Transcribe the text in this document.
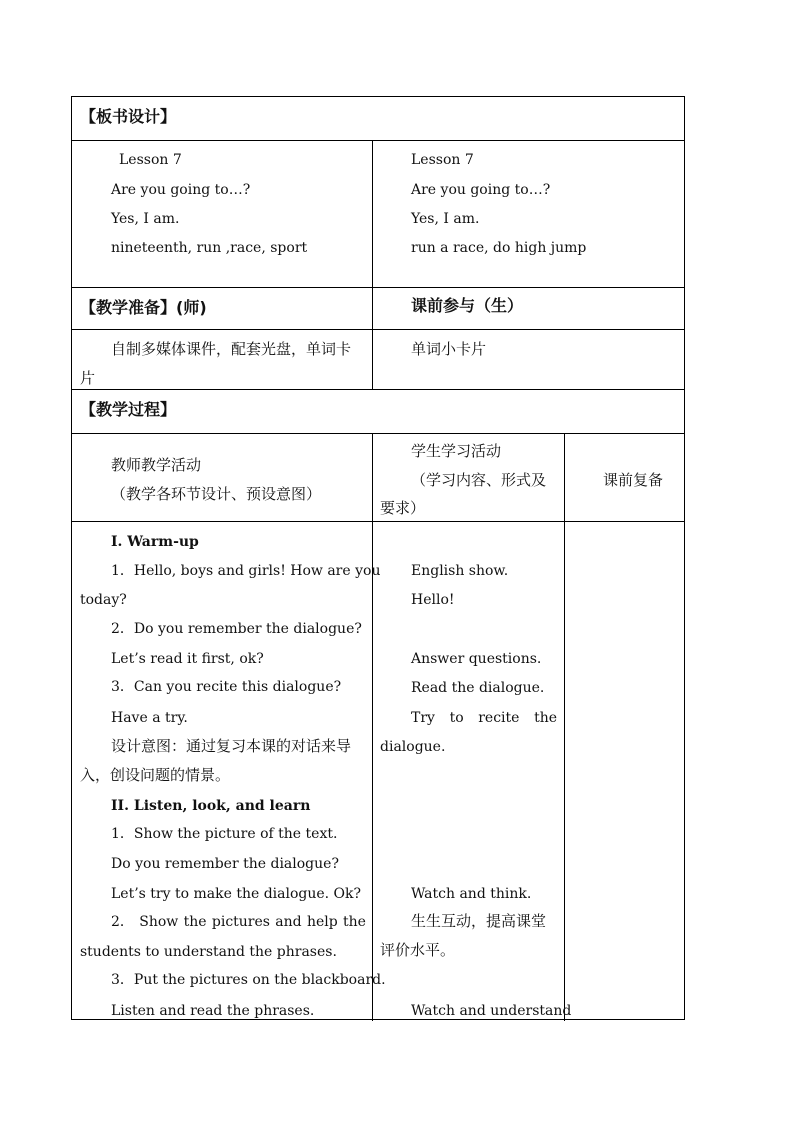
【板书设计】
Lesson 7
Are you going to…?
Yes, I am.
nineteenth, run ,race, sport
Lesson 7
Are you going to…?
Yes, I am.
run a race, do high jump
【教学准备】(师)	课前参与（生）
自制多媒体课件，配套光盘，单词卡
片
单词小卡片
【教学过程】
教师教学活动
（教学各环节设计、预设意图）
学生学习活动
（学习内容、形式及
要求）
课前复备
I. Warm-up
1．Hello, boys and girls! How are you
today?
2．Do you remember the dialogue?
Let’s read it first, ok?
3．Can you recite this dialogue?
Have a try.
设计意图：通过复习本课的对话来导
入，创设问题的情景。
II. Listen, look, and learn
1．Show the picture of the text.
Do you remember the dialogue?
Let’s try to make the dialogue. Ok?
2． Show the pictures and help the
students to understand the phrases.
3．Put the pictures on the blackboard.
Listen and read the phrases.
English show.
Hello!
Answer questions.
Read the dialogue.
Try to recite the
dialogue.
Watch and think.
生生互动，提高课堂
评价水平。
Watch and understand
